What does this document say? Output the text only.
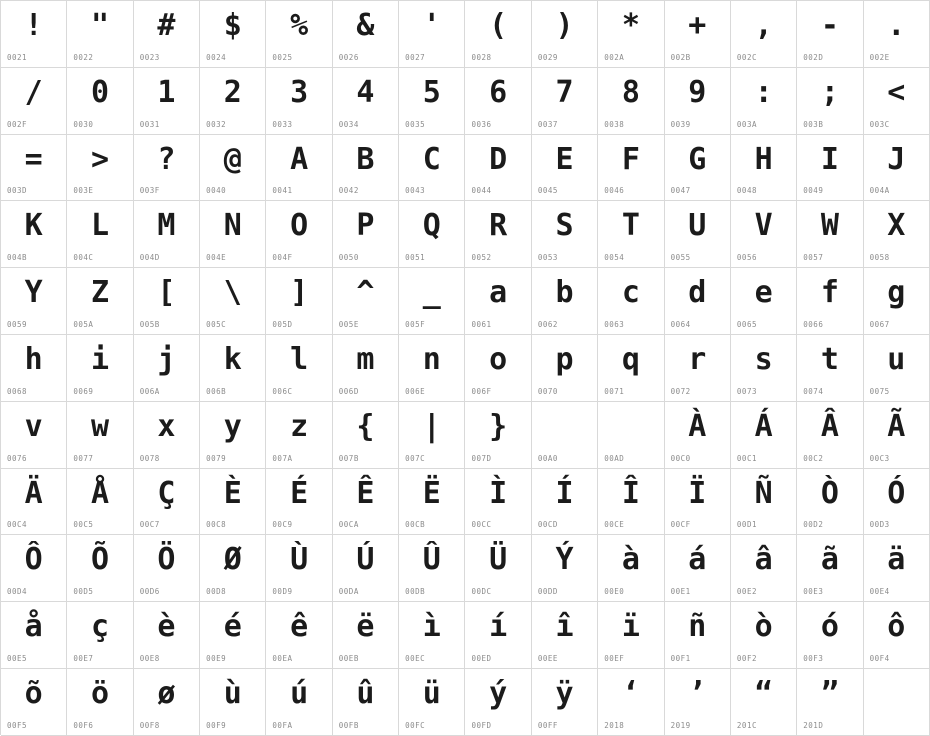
!
0021
"
0022
#
0023
$
0024
%
0025
&
0026
'
0027
(
0028
)
0029
*
002A
+
002B
,
002C
-
002D
.
002E
/
002F
0
0030
1
0031
2
0032
3
0033
4
0034
5
0035
6
0036
7
0037
8
0038
9
0039
:
003A
;
003B
<
003C
=
003D
>
003E
?
003F
@
0040
A
0041
B
0042
C
0043
D
0044
E
0045
F
0046
G
0047
H
0048
I
0049
J
004A
K
004B
L
004C
M
004D
N
004E
O
004F
P
0050
Q
0051
R
0052
S
0053
T
0054
U
0055
V
0056
W
0057
X
0058
Y
0059
Z
005A
[
005B
\
005C
]
005D
^
005E
_
005F
a
0061
b
0062
c
0063
d
0064
e
0065
f
0066
g
0067
h
0068
i
0069
j
006A
k
006B
l
006C
m
006D
n
006E
o
006F
p
0070
q
0071
r
0072
s
0073
t
0074
u
0075
v
0076
w
0077
x
0078
y
0079
z
007A
{
007B
|
007C
}
007D	00A0	00AD
À
00C0
Á
00C1
Â
00C2
Ã
00C3
Ä
00C4
Å
00C5
Ç
00C7
È
00C8
É
00C9
Ê
00CA
Ë
00CB
Ì
00CC
Í
00CD
Î
00CE
Ï
00CF
Ñ
00D1
Ò
00D2
Ó
00D3
Ô
00D4
Õ
00D5
Ö
00D6
Ø
00D8
Ù
00D9
Ú
00DA
Û
00DB
Ü
00DC
Ý
00DD
à
00E0
á
00E1
â
00E2
ã
00E3
ä
00E4
å
00E5
ç
00E7
è
00E8
é
00E9
ê
00EA
ë
00EB
ì
00EC
í
00ED
î
00EE
ï
00EF
ñ
00F1
ò
00F2
ó
00F3
ô
00F4
õ
00F5
ö
00F6
ø
00F8
ù
00F9
ú
00FA
û
00FB
ü
00FC
ý
00FD
ÿ
00FF
‘
2018
’
2019
“
201C
”
201D
